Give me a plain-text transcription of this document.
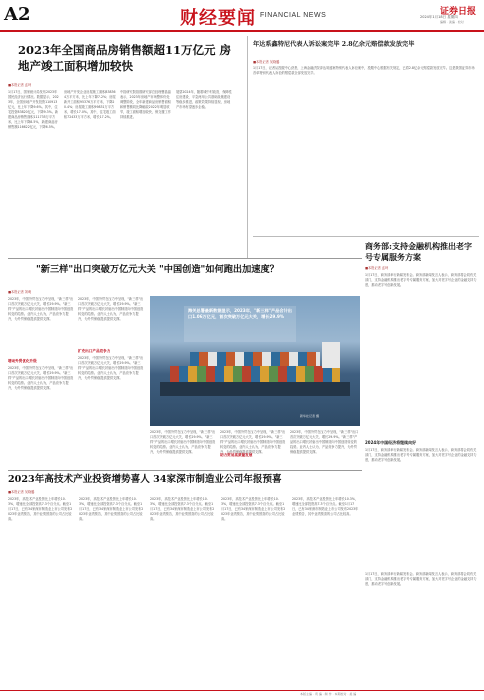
A2	财经要闻 FINANCIAL NEWS	证券日报
2024年1月18日 星期四
编辑 · 美编 · 校对
2023年全国商品房销售额超11万亿元 房地产竣工面积增加较快
■本报记者 孟珂
1月17日，国家统计局发布2023年国民经济运行情况。数据显示，2023年，全国房地产开发投资110913亿元，比上年下降9.6%。其中，住宅投资83820亿元，下降9.3%。新建商品房销售面积111735万平方米，比上年下降8.5%，新建商品房销售额116622亿元，下降6.5%。
房地产开发企业房屋施工面积838364万平方米，比上年下降7.2%；房屋新开工面积95376万平方米，下降20.4%；房屋竣工面积99831万平方米，增长17.0%。其中，住宅竣工面积72433万平方米，增长17.2%。
中指研究院指数研究部总经理曹晶晶表示，2023年房地产市场整体仍处调整阶段，全年新建商品房销售面积和销售额同比降幅较2022年明显收窄，竣工面积增加较快，保交楼工作持续推进。
展望2024年，随着城中村改造、保障性住房建设、平急两用公共基础设施建设等稳步推进，政策效果持续显现，房地产市场有望逐步企稳。
年达系鑫特尼代表人诉讼案完毕 2.8亿余元赔偿款发放完毕
■本报记者 吴晓璐
1月17日，记者从投服中心获悉，上海金融法院泽达易盛案特别代表人诉讼案中，投服中心根据有关规定，已将2.8亿余元赔偿款发放完毕。这是我国证券市场首单特别代表人诉讼的赔偿款全部发放完毕。
商务部:支持金融机构推出老字号专属服务方案
■本报记者 孟珂
1月17日，商务部举行新闻发布会。商务部新闻发言人表示，商务部将会同有关部门，支持金融机构推出老字号专属服务方案，加大对老字号企业的金融支持力度，推动老字号创新发展。
2024年中国经济将继续向好
1月17日，商务部举行新闻发布会。商务部新闻发言人表示，商务部将会同有关部门，支持金融机构推出老字号专属服务方案，加大对老字号企业的金融支持力度，推动老字号创新发展。
"新三样"出口突破万亿元大关 "中国创造"如何跑出加速度？
■本报记者 刘萌
2023年，中国外贸在压力中呈现，"新三样"出口首次突破万亿元大关，增长29.9%。"新三样"产品的出口增长折射出中国制造向中国创造转变的趋势。业内人士认为，产品竞争力提升，为外贸保稳提质提供支撑。
增动外贸优化升级
2023年，中国外贸在压力中呈现，"新三样"出口首次突破万亿元大关，增长29.9%。"新三样"产品的出口增长折射出中国制造向中国创造转变的趋势。业内人士认为，产品竞争力提升，为外贸保稳提质提供支撑。
2023年，中国外贸在压力中呈现，"新三样"出口首次突破万亿元大关，增长29.9%。"新三样"产品的出口增长折射出中国制造向中国创造转变的趋势。业内人士认为，产品竞争力提升，为外贸保稳提质提供支撑。
扩充出口产品竞争力
2023年，中国外贸在压力中呈现，"新三样"出口首次突破万亿元大关，增长29.9%。"新三样"产品的出口增长折射出中国制造向中国创造转变的趋势。业内人士认为，产品竞争力提升，为外贸保稳提质提供支撑。
海关总署最新数据显示，2023年，"新三样"产品合计出口1.06万亿元，首次突破万亿元大关，增长29.9%
新华社记者 摄
2023年，中国外贸在压力中呈现，"新三样"出口首次突破万亿元大关，增长29.9%。"新三样"产品的出口增长折射出中国制造向中国创造转变的趋势。业内人士认为，产品竞争力提升，为外贸保稳提质提供支撑。
2023年，中国外贸在压力中呈现，"新三样"出口首次突破万亿元大关，增长29.9%。"新三样"产品的出口增长折射出中国制造向中国创造转变的趋势。业内人士认为，产品竞争力提升，为外贸保稳提质提供支撑。
助力贸易高质量发展
2023年，中国外贸在压力中呈现，"新三样"出口首次突破万亿元大关，增长29.9%。"新三样"产品的出口增长折射出中国制造向中国创造转变的趋势。业内人士认为，产品竞争力提升，为外贸保稳提质提供支撑。
2023年高技术产业投资增势喜人 34家深市制造业公司年报预喜
■本报记者 吴晓璐
2023年，高技术产业投资比上年增长10.3%，增速比全部投资高7.3个百分点。截至1月17日，已有34家深市制造业上市公司发布2023年业绩预告，其中业绩预喜的公司占比较高。
2023年，高技术产业投资比上年增长10.3%，增速比全部投资高7.3个百分点。截至1月17日，已有34家深市制造业上市公司发布2023年业绩预告，其中业绩预喜的公司占比较高。
2023年，高技术产业投资比上年增长10.3%，增速比全部投资高7.3个百分点。截至1月17日，已有34家深市制造业上市公司发布2023年业绩预告，其中业绩预喜的公司占比较高。
2023年，高技术产业投资比上年增长10.3%，增速比全部投资高7.3个百分点。截至1月17日，已有34家深市制造业上市公司发布2023年业绩预告，其中业绩预喜的公司占比较高。
2023年，高技术产业投资比上年增长10.3%，增速比全部投资高7.3个百分点。截至1月17日，已有34家深市制造业上市公司发布2023年业绩预告，其中业绩预喜的公司占比较高。
1月17日，商务部举行新闻发布会。商务部新闻发言人表示，商务部将会同有关部门，支持金融机构推出老字号专属服务方案，加大对老字号企业的金融支持力度，推动老字号创新发展。
本版主编 · 责 编 · 制 作 · 本期校对 · 美 编
